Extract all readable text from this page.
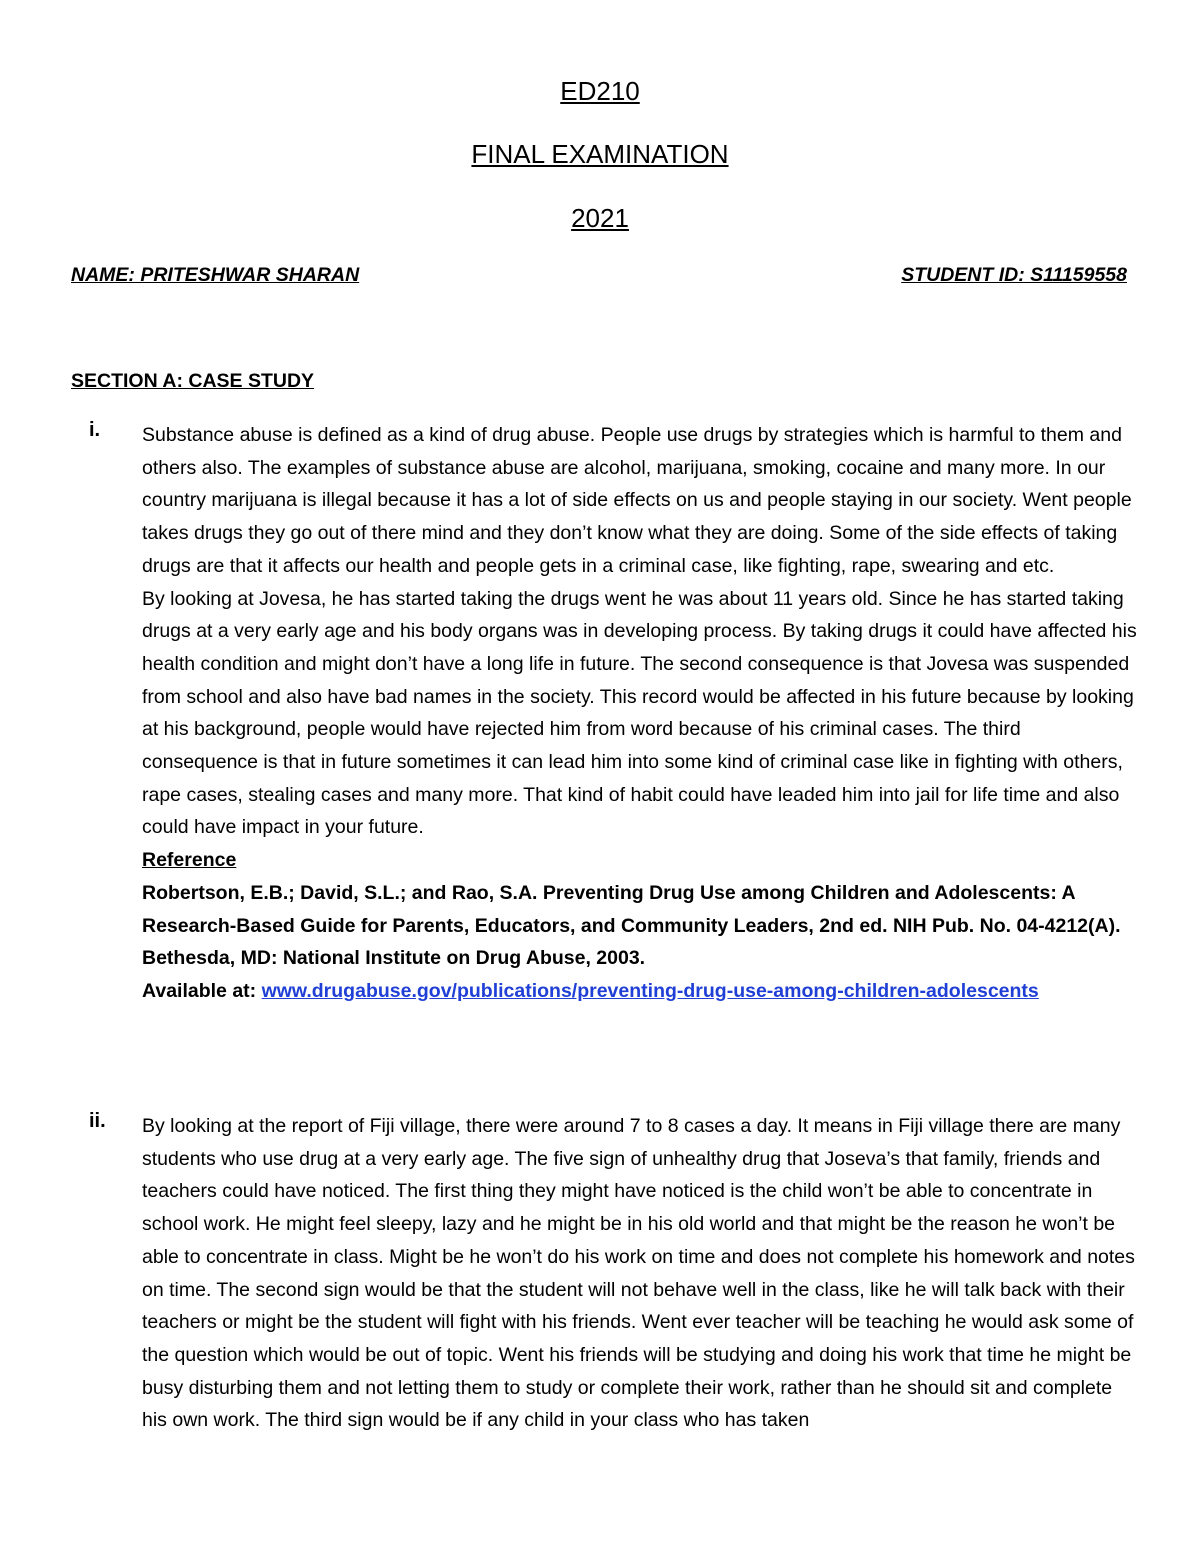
ED210
FINAL EXAMINATION
2021
NAME: PRITESHWAR SHARAN	STUDENT ID: S11159558
SECTION A: CASE STUDY
i. Substance abuse is defined as a kind of drug abuse. People use drugs by strategies which is harmful to them and others also. The examples of substance abuse are alcohol, marijuana, smoking, cocaine and many more. In our country marijuana is illegal because it has a lot of side effects on us and people staying in our society. Went people takes drugs they go out of there mind and they don’t know what they are doing. Some of the side effects of taking drugs are that it affects our health and people gets in a criminal case, like fighting, rape, swearing and etc.

By looking at Jovesa, he has started taking the drugs went he was about 11 years old. Since he has started taking drugs at a very early age and his body organs was in developing process. By taking drugs it could have affected his health condition and might don’t have a long life in future. The second consequence is that Jovesa was suspended from school and also have bad names in the society. This record would be affected in his future because by looking at his background, people would have rejected him from word because of his criminal cases. The third consequence is that in future sometimes it can lead him into some kind of criminal case like in fighting with others, rape cases, stealing cases and many more. That kind of habit could have leaded him into jail for life time and also could have impact in your future.

Reference

Robertson, E.B.; David, S.L.; and Rao, S.A. Preventing Drug Use among Children and Adolescents: A Research-Based Guide for Parents, Educators, and Community Leaders, 2nd ed. NIH Pub. No. 04-4212(A). Bethesda, MD: National Institute on Drug Abuse, 2003.

Available at: www.drugabuse.gov/publications/preventing-drug-use-among-children-adolescents

ii. By looking at the report of Fiji village, there were around 7 to 8 cases a day. It means in Fiji village there are many students who use drug at a very early age. The five sign of unhealthy drug that Joseva’s that family, friends and teachers could have noticed. The first thing they might have noticed is the child won’t be able to concentrate in school work. He might feel sleepy, lazy and he might be in his old world and that might be the reason he won’t be able to concentrate in class. Might be he won’t do his work on time and does not complete his homework and notes on time. The second sign would be that the student will not behave well in the class, like he will talk back with their teachers or might be the student will fight with his friends. Went ever teacher will be teaching he would ask some of the question which would be out of topic. Went his friends will be studying and doing his work that time he might be busy disturbing them and not letting them to study or complete their work, rather than he should sit and complete his own work. The third sign would be if any child in your class who has taken
